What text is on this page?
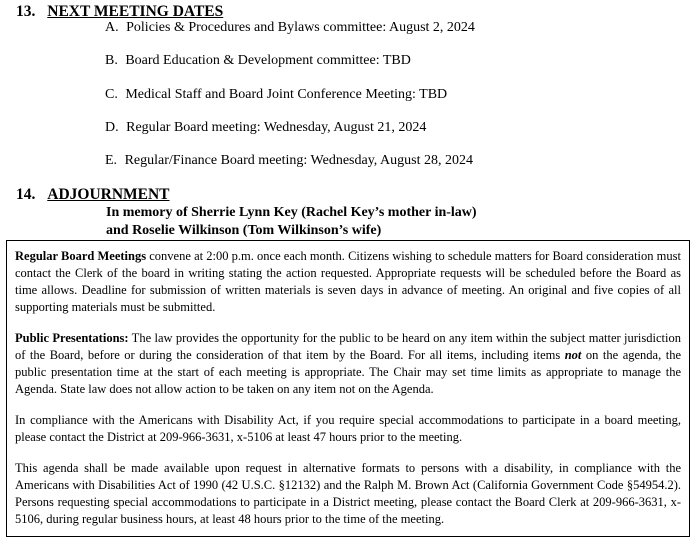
13. NEXT MEETING DATES
A. Policies & Procedures and Bylaws committee: August 2, 2024
B. Board Education & Development committee: TBD
C. Medical Staff and Board Joint Conference Meeting: TBD
D. Regular Board meeting: Wednesday, August 21, 2024
E. Regular/Finance Board meeting: Wednesday, August 28, 2024
14. ADJOURNMENT
In memory of Sherrie Lynn Key (Rachel Key’s mother in-law)
and Roselie Wilkinson (Tom Wilkinson’s wife)

Regular Board Meetings convene at 2:00 p.m. once each month. Citizens wishing to schedule matters for Board consideration must contact the Clerk of the board in writing stating the action requested. Appropriate requests will be scheduled before the Board as time allows. Deadline for submission of written materials is seven days in advance of meeting. An original and five copies of all supporting materials must be submitted.

Public Presentations: The law provides the opportunity for the public to be heard on any item within the subject matter jurisdiction of the Board, before or during the consideration of that item by the Board. For all items, including items not on the agenda, the public presentation time at the start of each meeting is appropriate. The Chair may set time limits as appropriate to manage the Agenda. State law does not allow action to be taken on any item not on the Agenda.

In compliance with the Americans with Disability Act, if you require special accommodations to participate in a board meeting, please contact the District at 209-966-3631, x-5106 at least 47 hours prior to the meeting.

This agenda shall be made available upon request in alternative formats to persons with a disability, in compliance with the Americans with Disabilities Act of 1990 (42 U.S.C. §12132) and the Ralph M. Brown Act (California Government Code §54954.2). Persons requesting special accommodations to participate in a District meeting, please contact the Board Clerk at 209-966-3631, x-5106, during regular business hours, at least 48 hours prior to the time of the meeting.
